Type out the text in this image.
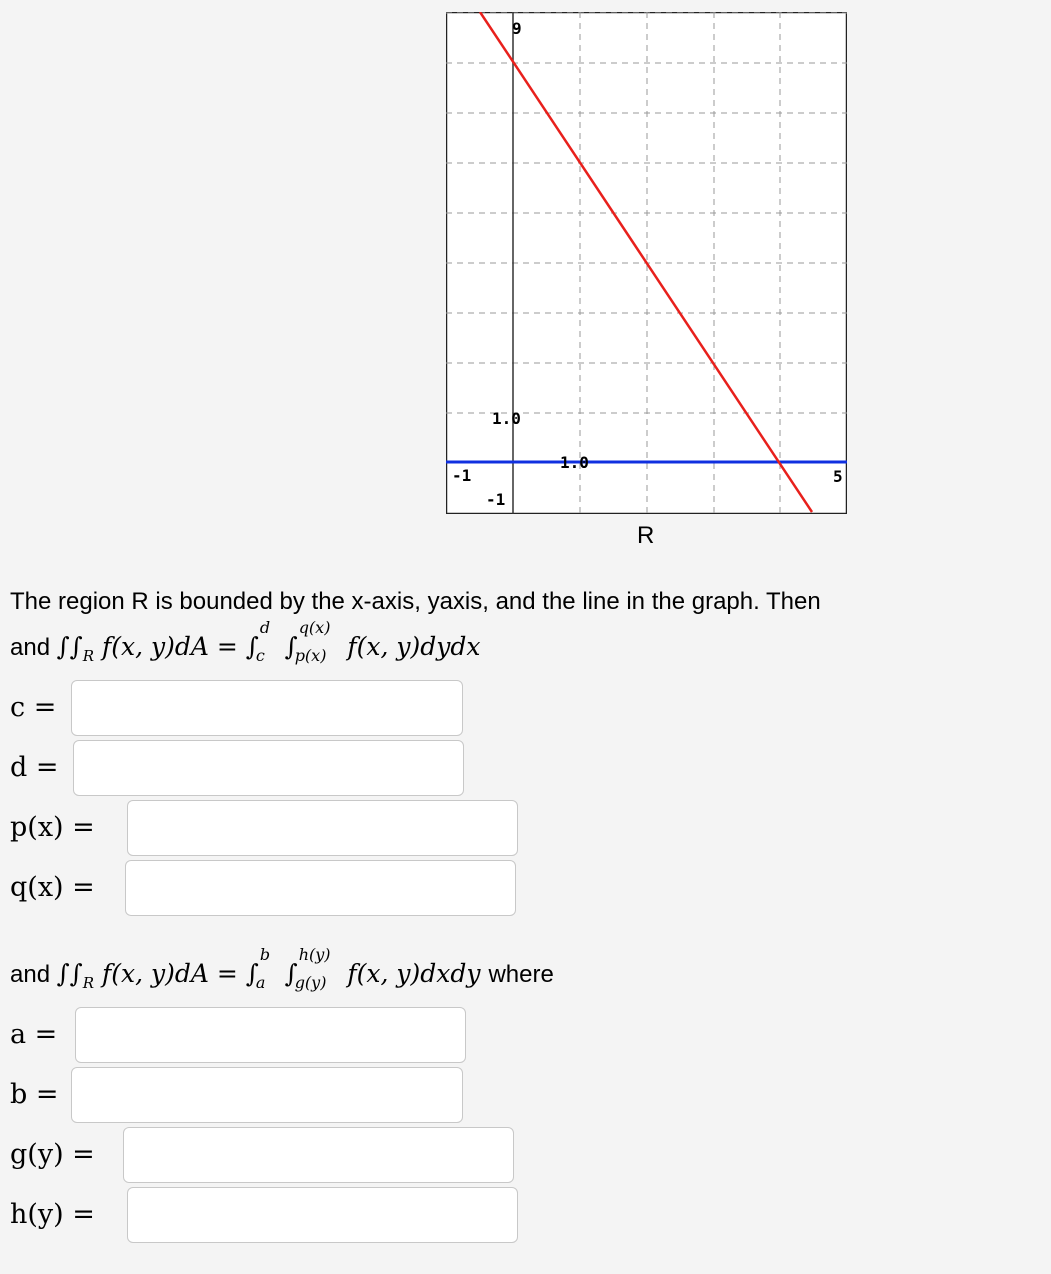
9
1.0
1.0
-1
-1
5
R
The region R is bounded by the x-axis, yaxis, and the line in the graph. Then
and $\int\int_R$ f(x, y)dA = ∫
d
c ∫
q(x)
p(x) f(x, y)dydx
c =
d =
p(x) =
q(x) =
and $\int\int_R$ f(x, y)dA = ∫
b
a ∫
h(y)
g(y) f(x, y)dxdy where
a =
b =
g(y) =
h(y) =
